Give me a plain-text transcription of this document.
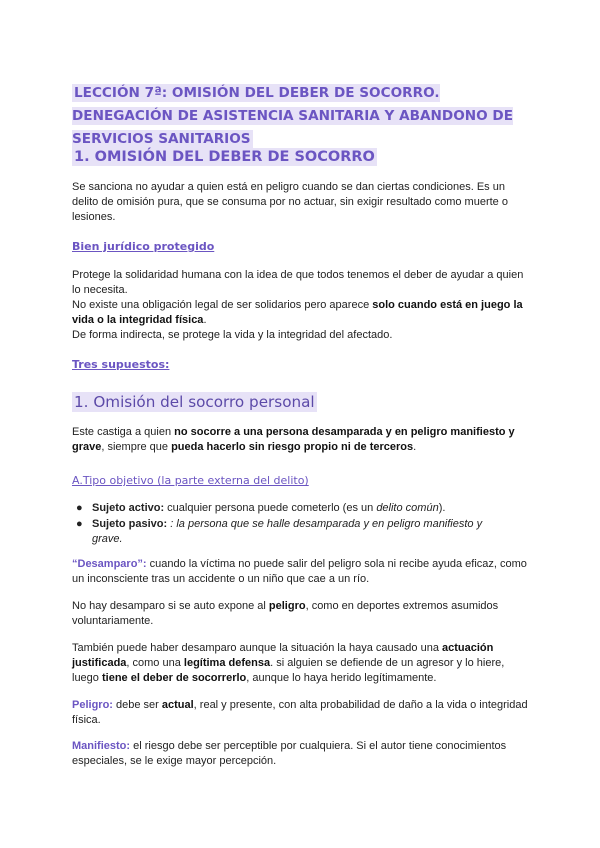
LECCIÓN 7ª: OMISIÓN DEL DEBER DE SOCORRO. DENEGACIÓN DE ASISTENCIA SANITARIA Y ABANDONO DE SERVICIOS SANITARIOS
1. OMISIÓN DEL DEBER DE SOCORRO
Se sanciona no ayudar a quien está en peligro cuando se dan ciertas condiciones. Es un delito de omisión pura, que se consuma por no actuar, sin exigir resultado como muerte o lesiones.
Bien jurídico protegido
Protege la solidaridad humana con la idea de que todos tenemos el deber de ayudar a quien lo necesita.
No existe una obligación legal de ser solidarios pero aparece solo cuando está en juego la vida o la integridad física.
De forma indirecta, se protege la vida y la integridad del afectado.
Tres supuestos:
1. Omisión del socorro personal
Este castiga a quien no socorre a una persona desamparada y en peligro manifiesto y grave, siempre que pueda hacerlo sin riesgo propio ni de terceros.
A.Tipo objetivo (la parte externa del delito)
● Sujeto activo: cualquier persona puede cometerlo (es un delito común).
● Sujeto pasivo: : la persona que se halle desamparada y en peligro manifiesto y grave.
“Desamparo”: cuando la víctima no puede salir del peligro sola ni recibe ayuda eficaz, como un inconsciente tras un accidente o un niño que cae a un río.
No hay desamparo si se auto expone al peligro, como en deportes extremos asumidos voluntariamente.
También puede haber desamparo aunque la situación la haya causado una actuación justificada, como una legítima defensa. si alguien se defiende de un agresor y lo hiere, luego tiene el deber de socorrerlo, aunque lo haya herido legítimamente.
Peligro: debe ser actual, real y presente, con alta probabilidad de daño a la vida o integridad física.
Manifiesto: el riesgo debe ser perceptible por cualquiera. Si el autor tiene conocimientos especiales, se le exige mayor percepción.
